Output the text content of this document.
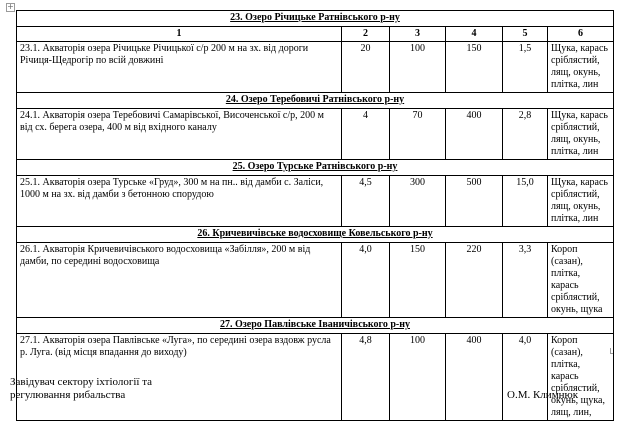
+
23. Озеро Річицьке Ратнівського р-ну					
1	2	3	4	5	6
23.1. Акваторія озера Річицьке Річицької с/р 200 м на зх. від дороги Річиця-Щедрогір по всій довжині	20	100	150	1,5	Щука, карась сріблястий, лящ, окунь, плітка, лин
24. Озеро Теребовичі Ратнівського р-ну					
24.1. Акваторія озера Теребовичі Самарівської, Височенської с/р, 200 м від сх. берега озера, 400 м від вхідного каналу	4	70	400	2,8	Щука, карась сріблястий, лящ, окунь, плітка, лин
25. Озеро Турське Ратнівського р-ну					
25.1. Акваторія озера Турське «Груд», 300 м на пн.. від дамби с. Заліси, 1000 м на зх. від дамби з бетонною спорудою	4,5	300	500	15,0	Щука, карась сріблястий, лящ, окунь, плітка, лин
26. Кричевичівське водосховище Ковельського р-ну					
26.1. Акваторія Кричевичівського водосховища «Забілля», 200 м від дамби, по середині водосховища	4,0	150	220	3,3	Короп (сазан), плітка, карась сріблястий, окунь, щука
27. Озеро Павлівське Іваничівського р-ну					
27.1. Акваторія озера Павлівське «Луга», по середині озера вздовж русла р. Луга. (від місця впадання до виходу)	4,8	100	400	4,0	Короп (сазан), плітка, карась сріблястий, окунь, щука, лящ, лин,
Завідувач сектору іхтіології та
регулювання рибальства	О.М. Климнюк
